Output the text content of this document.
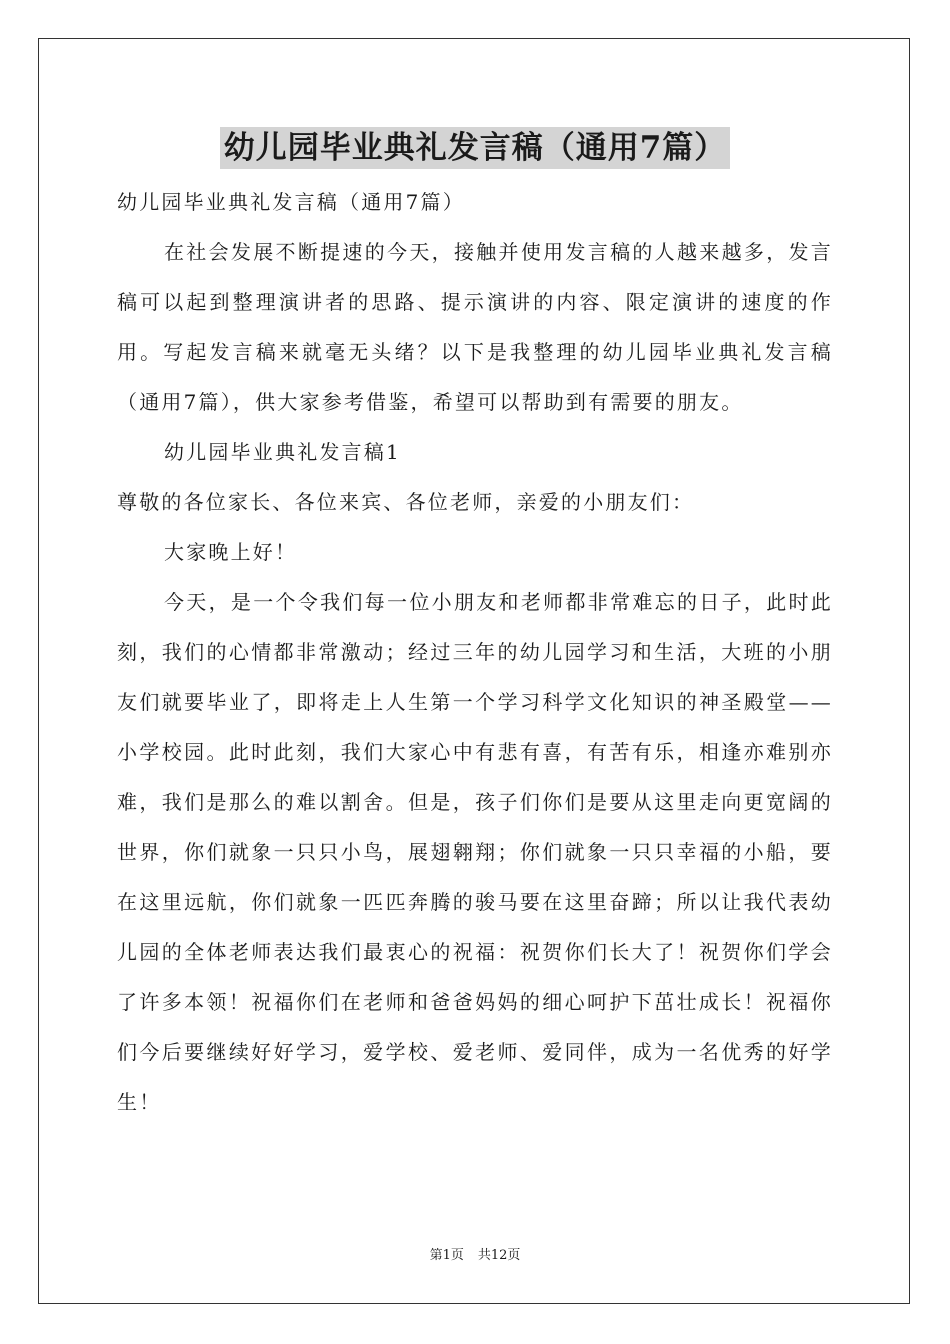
幼儿园毕业典礼发言稿（通用7篇）

幼儿园毕业典礼发言稿（通用7篇）

在社会发展不断提速的今天，接触并使用发言稿的人越来越多，发言稿可以起到整理演讲者的思路、提示演讲的内容、限定演讲的速度的作用。写起发言稿来就毫无头绪？以下是我整理的幼儿园毕业典礼发言稿（通用7篇），供大家参考借鉴，希望可以帮助到有需要的朋友。

幼儿园毕业典礼发言稿1

尊敬的各位家长、各位来宾、各位老师，亲爱的小朋友们：

大家晚上好！

今天，是一个令我们每一位小朋友和老师都非常难忘的日子，此时此刻，我们的心情都非常激动；经过三年的幼儿园学习和生活，大班的小朋友们就要毕业了，即将走上人生第一个学习科学文化知识的神圣殿堂——小学校园。此时此刻，我们大家心中有悲有喜，有苦有乐，相逢亦难别亦难，我们是那么的难以割舍。但是，孩子们你们是要从这里走向更宽阔的世界，你们就象一只只小鸟，展翅翱翔；你们就象一只只幸福的小船，要在这里远航，你们就象一匹匹奔腾的骏马要在这里奋蹄；所以让我代表幼儿园的全体老师表达我们最衷心的祝福：祝贺你们长大了！祝贺你们学会了许多本领！祝福你们在老师和爸爸妈妈的细心呵护下茁壮成长！祝福你们今后要继续好好学习，爱学校、爱老师、爱同伴，成为一名优秀的好学生！

第1页 共12页
